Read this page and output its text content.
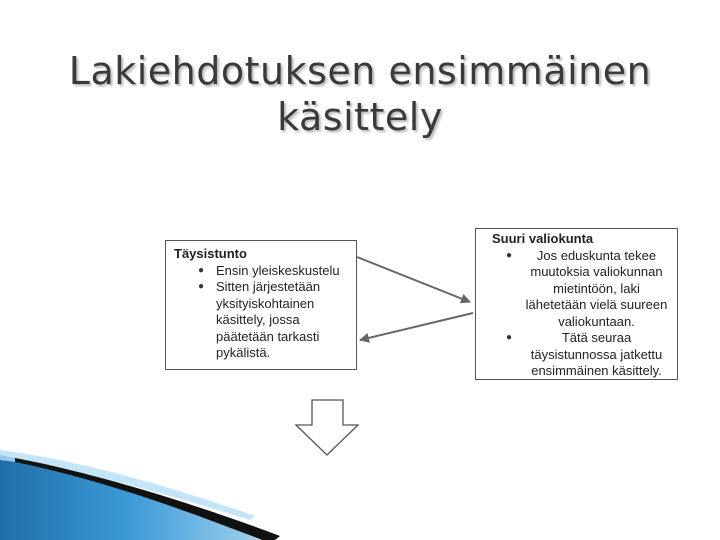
Lakiehdotuksen ensimmäinen
käsittely
Täysistunto
● Ensin yleiskeskustelu
● Sitten järjestetään yksityiskohtainen käsittely, jossa päätetään tarkasti pykälistä.
Suuri valiokunta
● Jos eduskunta tekee muutoksia valiokunnan mietintöön, laki lähetetään vielä suureen valiokuntaan.
● Tätä seuraa täysistunnossa jatkettu ensimmäinen käsittely.
